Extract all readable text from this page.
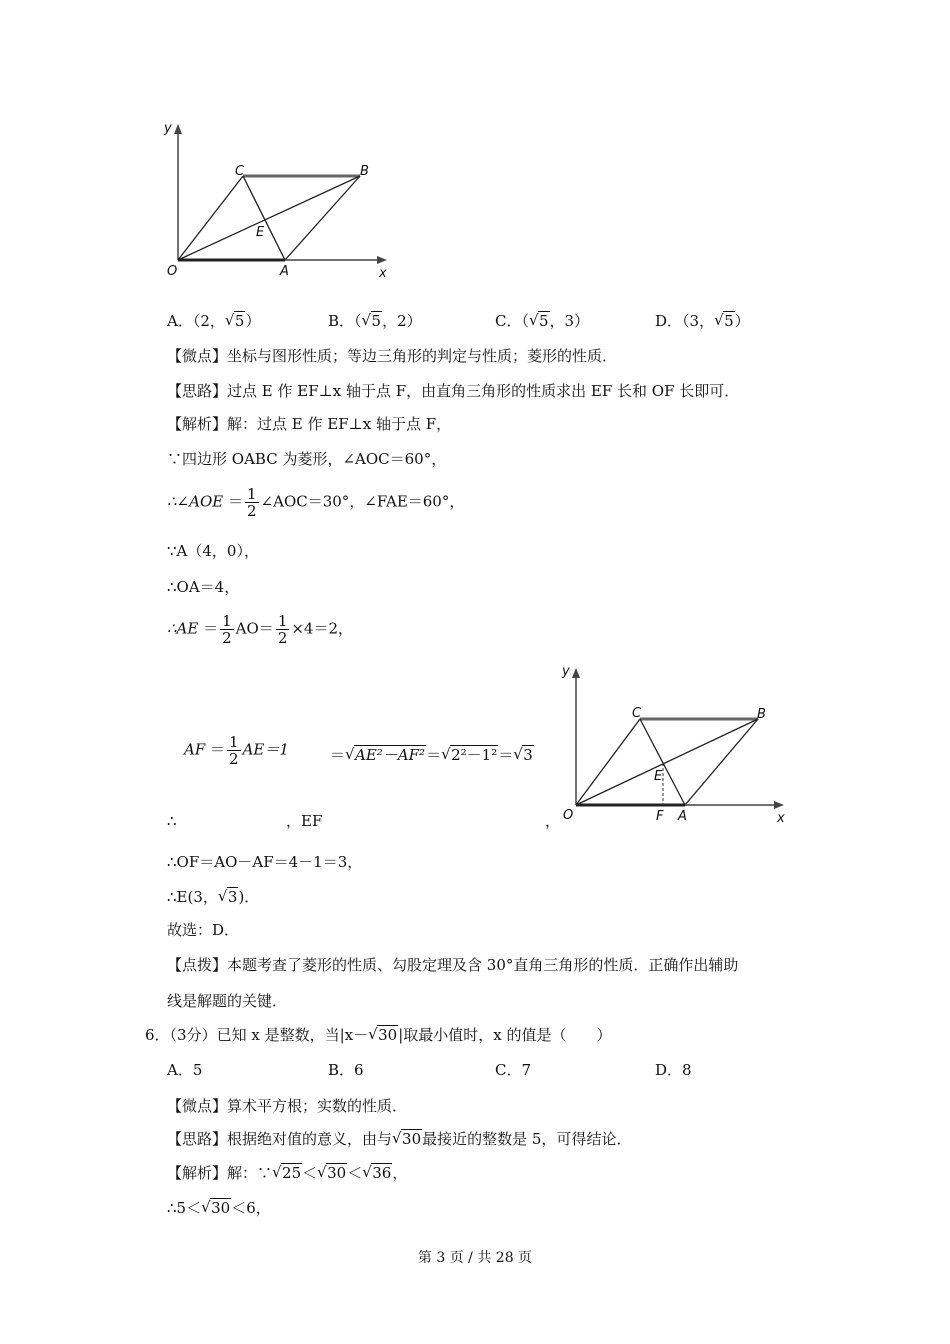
y
C	B
E
O	A	x
A．（2， √ 5）	B．（ √ 5，2）	C．（ √ 5，3）	D．（3， √ 5）
【微点】坐标与图形性质；等边三角形的判定与性质；菱形的性质．
【思路】过点 E 作 EF⊥x 轴于点 F，由直角三角形的性质求出 EF 长和 OF 长即可．
【解析】解：过点 E 作 EF⊥x 轴于点 F，
∵四边形 OABC 为菱形，∠AOC＝60°，
∴∠AOE ＝ $\frac{1}{2}$ ∠AOC＝30°，∠FAE＝60°，
∵A（4，0），
∴OA＝4，
∴AE ＝ $\frac{1}{2} AO= \frac{1}{2} \times 4=2$，
y
C	B
E
O	F A	x
AF ＝ $\frac{1}{2} AE=1$	＝ √ AE²－AF²＝ √ 2²－1²＝ √ 3
∴	，EF	，
∴OF＝AO－AF＝4－1＝3，
∴E(3， √ 3)．
故选：D．
【点拨】本题考查了菱形的性质、勾股定理及含 30°直角三角形的性质．正确作出辅助
线是解题的关键．
6．（3分）已知 x 是整数，当|x－ √ 30|取最小值时，x 的值是（　　）
A．5	B．6	C．7	D．8
【微点】算术平方根；实数的性质．
【思路】根据绝对值的意义，由与 √ 30最接近的整数是 5，可得结论．
【解析】解：∵ √ 25＜ √ 30＜ √ 36，
∴5＜ √ 30＜6，
第 3 页 / 共 28 页
